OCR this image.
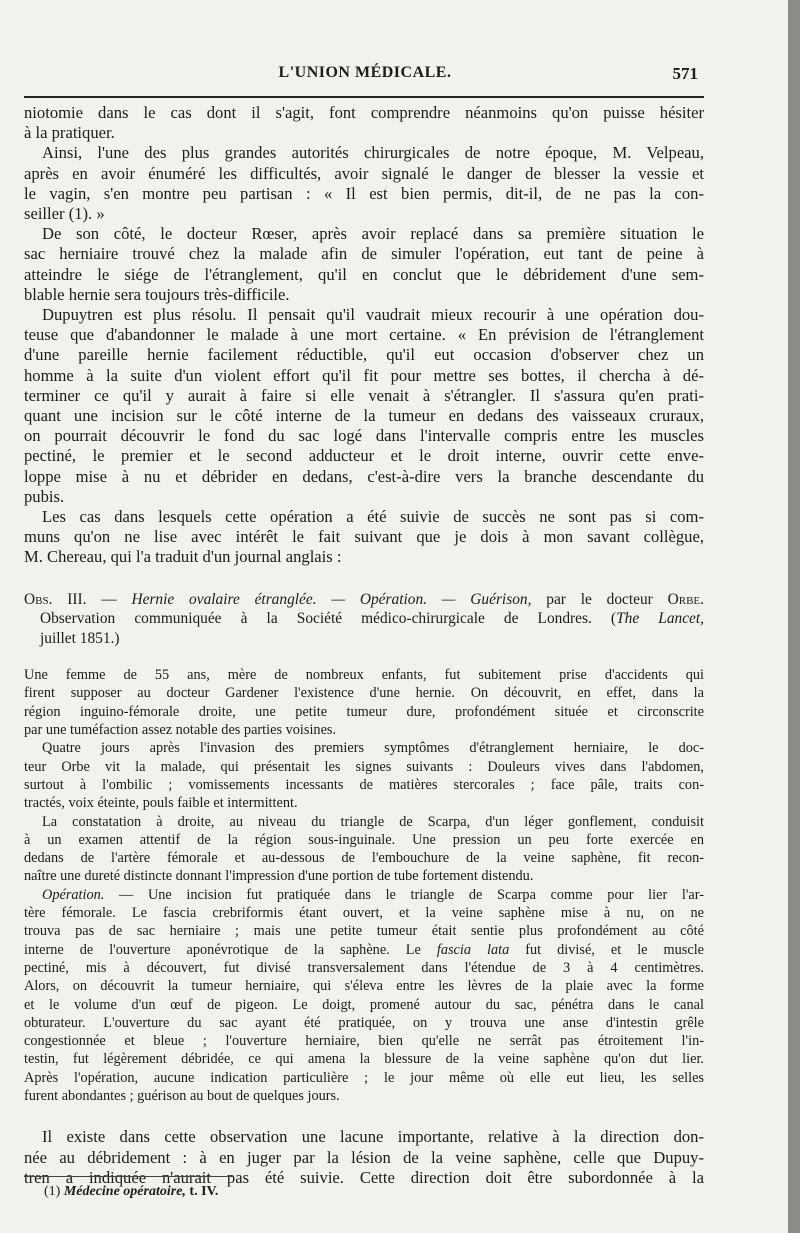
L'UNION MÉDICALE.	571

niotomie dans le cas dont il s'agit, font comprendre néanmoins qu'on puisse hésiter

à la pratiquer.

Ainsi, l'une des plus grandes autorités chirurgicales de notre époque, M. Velpeau,

après en avoir énuméré les difficultés, avoir signalé le danger de blesser la vessie et

le vagin, s'en montre peu partisan : « Il est bien permis, dit-il, de ne pas la con-

seiller (1). »

De son côté, le docteur Rœser, après avoir replacé dans sa première situation le

sac herniaire trouvé chez la malade afin de simuler l'opération, eut tant de peine à

atteindre le siége de l'étranglement, qu'il en conclut que le débridement d'une sem-

blable hernie sera toujours très-difficile.

Dupuytren est plus résolu. Il pensait qu'il vaudrait mieux recourir à une opération dou-

teuse que d'abandonner le malade à une mort certaine. « En prévision de l'étranglement

d'une pareille hernie facilement réductible, qu'il eut occasion d'observer chez un

homme à la suite d'un violent effort qu'il fit pour mettre ses bottes, il chercha à dé-

terminer ce qu'il y aurait à faire si elle venait à s'étrangler. Il s'assura qu'en prati-

quant une incision sur le côté interne de la tumeur en dedans des vaisseaux cruraux,

on pourrait découvrir le fond du sac logé dans l'intervalle compris entre les muscles

pectiné, le premier et le second adducteur et le droit interne, ouvrir cette enve-

loppe mise à nu et débrider en dedans, c'est-à-dire vers la branche descendante du

pubis.

Les cas dans lesquels cette opération a été suivie de succès ne sont pas si com-

muns qu'on ne lise avec intérêt le fait suivant que je dois à mon savant collègue,

M. Chereau, qui l'a traduit d'un journal anglais :

Obs. III. — Hernie ovalaire étranglée. — Opération. — Guérison, par le docteur Orbe.

Observation communiquée à la Société médico-chirurgicale de Londres. (The Lancet,

juillet 1851.)

Une femme de 55 ans, mère de nombreux enfants, fut subitement prise d'accidents qui

firent supposer au docteur Gardener l'existence d'une hernie. On découvrit, en effet, dans la

région inguino-fémorale droite, une petite tumeur dure, profondément située et circonscrite

par une tuméfaction assez notable des parties voisines.

Quatre jours après l'invasion des premiers symptômes d'étranglement herniaire, le doc-

teur Orbe vit la malade, qui présentait les signes suivants : Douleurs vives dans l'abdomen,

surtout à l'ombilic ; vomissements incessants de matières stercorales ; face pâle, traits con-

tractés, voix éteinte, pouls faible et intermittent.

La constatation à droite, au niveau du triangle de Scarpa, d'un léger gonflement, conduisit

à un examen attentif de la région sous-inguinale. Une pression un peu forte exercée en

dedans de l'artère fémorale et au-dessous de l'embouchure de la veine saphène, fit recon-

naître une dureté distincte donnant l'impression d'une portion de tube fortement distendu.

Opération. — Une incision fut pratiquée dans le triangle de Scarpa comme pour lier l'ar-

tère fémorale. Le fascia crebriformis étant ouvert, et la veine saphène mise à nu, on ne

trouva pas de sac herniaire ; mais une petite tumeur était sentie plus profondément au côté

interne de l'ouverture aponévrotique de la saphène. Le fascia lata fut divisé, et le muscle

pectiné, mis à découvert, fut divisé transversalement dans l'étendue de 3 à 4 centimètres.

Alors, on découvrit la tumeur herniaire, qui s'éleva entre les lèvres de la plaie avec la forme

et le volume d'un œuf de pigeon. Le doigt, promené autour du sac, pénétra dans le canal

obturateur. L'ouverture du sac ayant été pratiquée, on y trouva une anse d'intestin grêle

congestionnée et bleue ; l'ouverture herniaire, bien qu'elle ne serrât pas étroitement l'in-

testin, fut légèrement débridée, ce qui amena la blessure de la veine saphène qu'on dut lier.

Après l'opération, aucune indication particulière ; le jour même où elle eut lieu, les selles

furent abondantes ; guérison au bout de quelques jours.

Il existe dans cette observation une lacune importante, relative à la direction don-

née au débridement : à en juger par la lésion de la veine saphène, celle que Dupuy-

tren a indiquée n'aurait pas été suivie. Cette direction doit être subordonnée à la

(1) Médecine opératoire, t. IV.
